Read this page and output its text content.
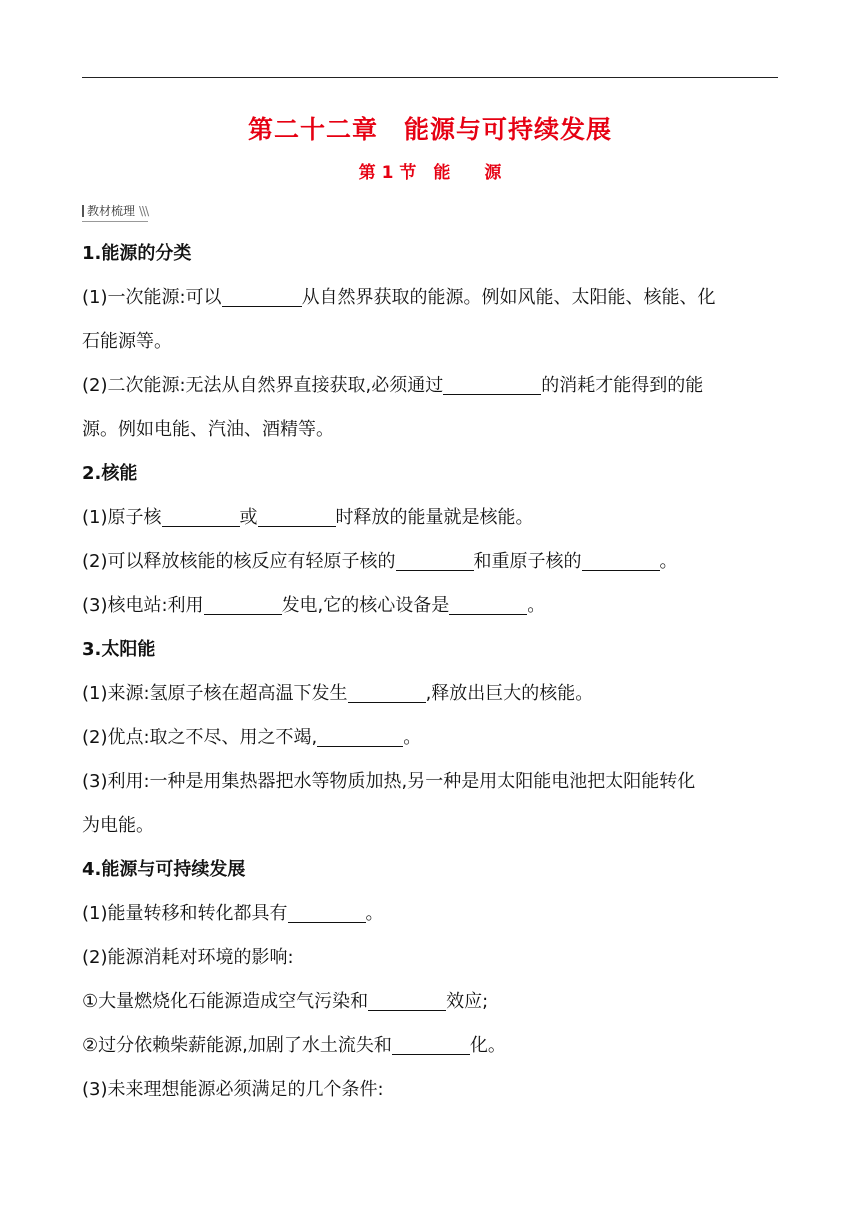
第二十二章　能源与可持续发展
第 1 节　能　　源
教材梳理 \\\
1.能源的分类

(1)一次能源:可以	从自然界获取的能源。例如风能、太阳能、核能、化

石能源等。

(2)二次能源:无法从自然界直接获取,必须通过	的消耗才能得到的能

源。例如电能、汽油、酒精等。

2.核能

(1)原子核	或	时释放的能量就是核能。

(2)可以释放核能的核反应有轻原子核的	和重原子核的	。

(3)核电站:利用	发电,它的核心设备是	。

3.太阳能

(1)来源:氢原子核在超高温下发生	,释放出巨大的核能。

(2)优点:取之不尽、用之不竭,	。

(3)利用:一种是用集热器把水等物质加热,另一种是用太阳能电池把太阳能转化

为电能。

4.能源与可持续发展

(1)能量转移和转化都具有	。

(2)能源消耗对环境的影响:

①大量燃烧化石能源造成空气污染和	效应;

②过分依赖柴薪能源,加剧了水土流失和	化。

(3)未来理想能源必须满足的几个条件:
